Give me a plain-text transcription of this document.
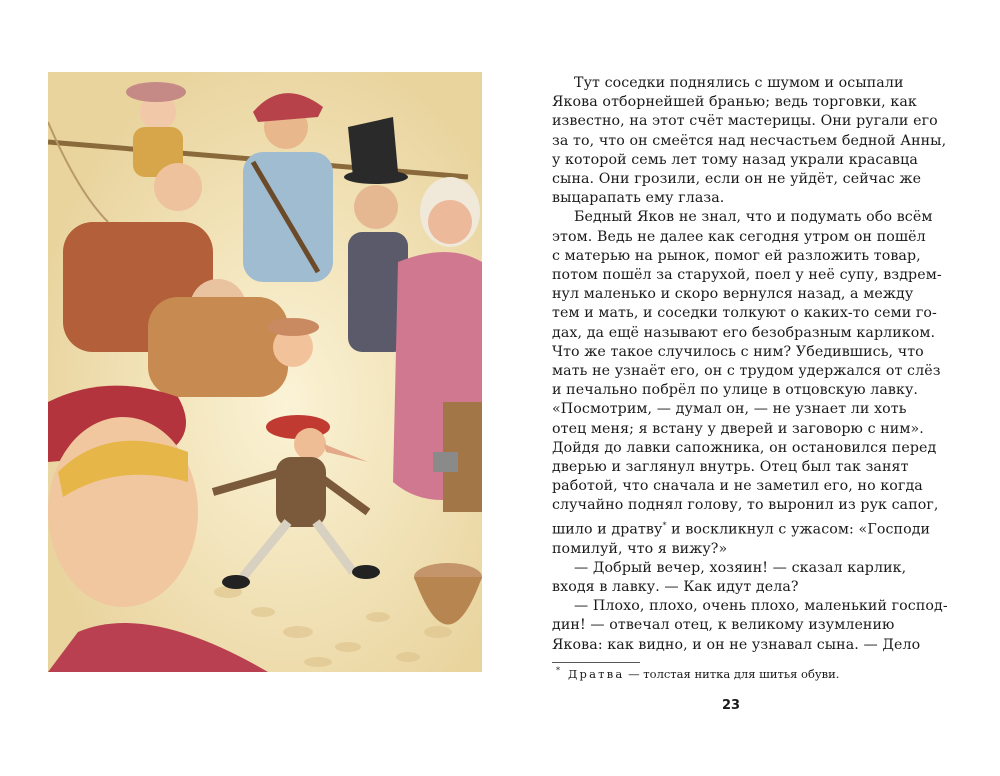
Тут соседки поднялись с шумом и осыпали
Якова отборнейшей бранью; ведь торговки, как
известно, на этот счёт мастерицы. Они ругали его
за то, что он смеётся над несчастьем бедной Анны,
у которой семь лет тому назад украли красавца
сына. Они грозили, если он не уйдёт, сейчас же
выцарапать ему глаза.

Бедный Яков не знал, что и подумать обо всём
этом. Ведь не далее как сегодня утром он пошёл
с матерью на рынок, помог ей разложить товар,
потом пошёл за старухой, поел у неё супу, вздрем-
нул маленько и скоро вернулся назад, а между
тем и мать, и соседки толкуют о каких-то семи го-
дах, да ещё называют его безобразным карликом.
Что же такое случилось с ним? Убедившись, что
мать не узнаёт его, он с трудом удержался от слёз
и печально побрёл по улице в отцовскую лавку.
«Посмотрим, — думал он, — не узнает ли хоть
отец меня; я встану у дверей и заговорю с ним».
Дойдя до лавки сапожника, он остановился перед
дверью и заглянул внутрь. Отец был так занят
работой, что сначала и не заметил его, но когда
случайно поднял голову, то выронил из рук сапог,
шило и дратву* и воскликнул с ужасом: «Господи
помилуй, что я вижу?»

— Добрый вечер, хозяин! — сказал карлик,
входя в лавку. — Как идут дела?

— Плохо, плохо, очень плохо, маленький господ-
дин! — отвечал отец, к великому изумлению
Якова: как видно, и он не узнавал сына. — Дело

* Дратва — толстая нитка для шитья обуви.
23
